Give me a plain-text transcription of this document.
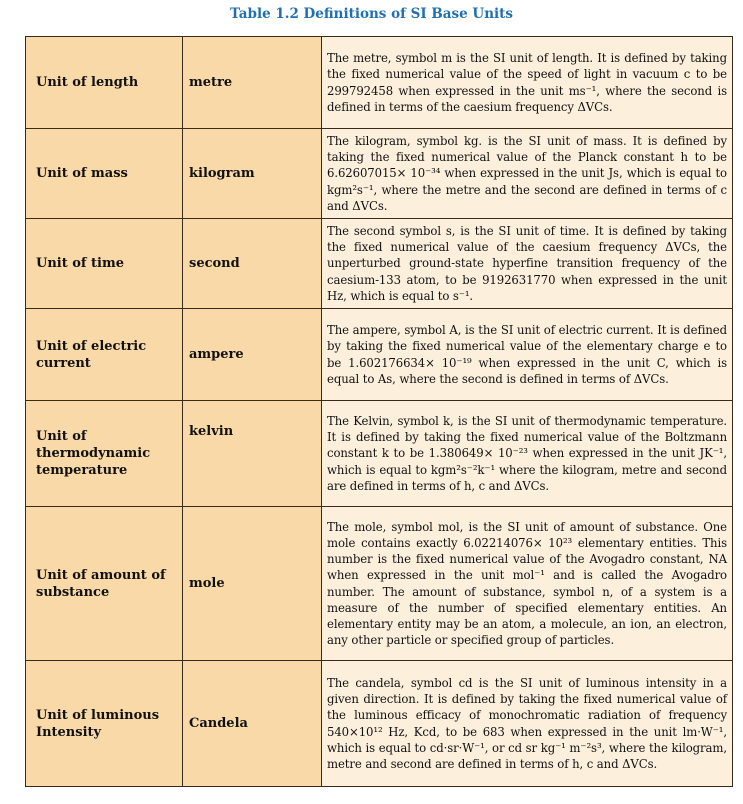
Table 1.2 Definitions of SI Base Units
Unit of length	metre	The metre, symbol m is the SI unit of length. It is defined by taking the fixed numerical value of the speed of light in vacuum c to be 299792458 when expressed in the unit ms⁻¹, where the second is defined in terms of the caesium frequency ΔVCs.

Unit of mass	kilogram	The kilogram, symbol kg. is the SI unit of mass. It is defined by taking the fixed numerical value of the Planck constant h to be 6.62607015× 10⁻³⁴ when expressed in the unit Js, which is equal to kgm²s⁻¹, where the metre and the second are defined in terms of c and ΔVCs.

Unit of time	second	The second symbol s, is the SI unit of time. It is defined by taking the fixed numerical value of the caesium frequency ΔVCs, the unperturbed ground-state hyperfine transition frequency of the caesium-133 atom, to be 9192631770 when expressed in the unit Hz, which is equal to s⁻¹.

Unit of electric current	ampere	The ampere, symbol A, is the SI unit of electric current. It is defined by taking the fixed numerical value of the elementary charge e to be 1.602176634× 10⁻¹⁹ when expressed in the unit C, which is equal to As, where the second is defined in terms of ΔVCs.

Unit of thermodynamic temperature	kelvin	The Kelvin, symbol k, is the SI unit of thermodynamic temperature. It is defined by taking the fixed numerical value of the Boltzmann constant k to be 1.380649× 10⁻²³ when expressed in the unit JK⁻¹, which is equal to kgm²s⁻²k⁻¹ where the kilogram, metre and second are defined in terms of h, c and ΔVCs.

Unit of amount of substance	mole	The mole, symbol mol, is the SI unit of amount of substance. One mole contains exactly 6.02214076× 10²³ elementary entities. This number is the fixed numerical value of the Avogadro constant, NA when expressed in the unit mol⁻¹ and is called the Avogadro number. The amount of substance, symbol n, of a system is a measure of the number of specified elementary entities. An elementary entity may be an atom, a molecule, an ion, an electron, any other particle or specified group of particles.

Unit of luminous Intensity	Candela	The candela, symbol cd is the SI unit of luminous intensity in a given direction. It is defined by taking the fixed numerical value of the luminous efficacy of monochromatic radiation of frequency 540×10¹² Hz, Kcd, to be 683 when expressed in the unit lm·W⁻¹, which is equal to cd·sr·W⁻¹, or cd sr kg⁻¹ m⁻²s³, where the kilogram, metre and second are defined in terms of h, c and ΔVCs.
